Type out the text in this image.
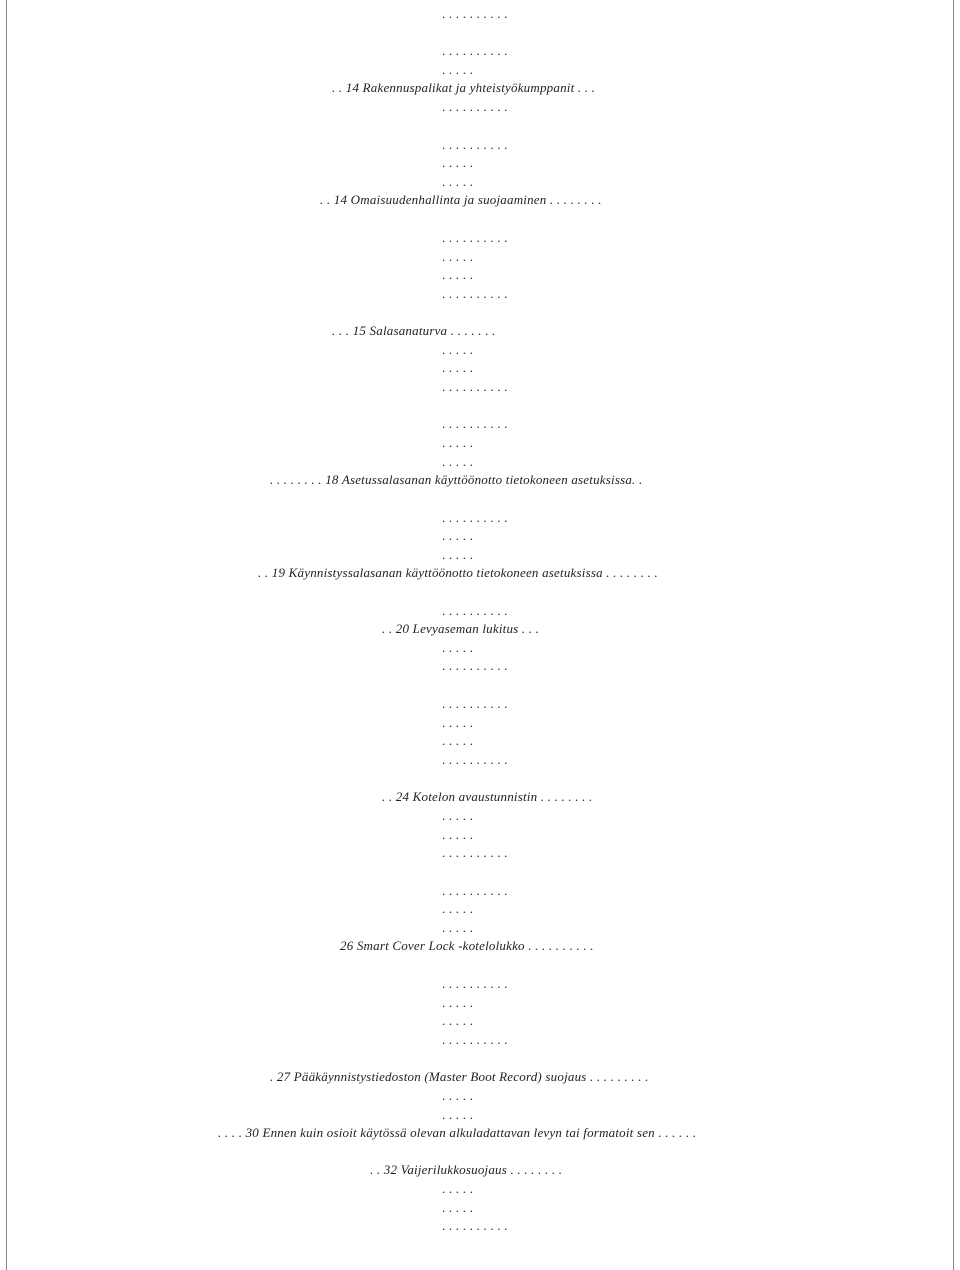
. . . . . . . . . .
. . . . . . . . . .
. . . . .
. . 14 Rakennuspalikat ja yhteistyökumppanit . . .
. . . . . . . . . .
. . . . . . . . . .
. . . . .
. . . . .
. . 14 Omaisuudenhallinta ja suojaaminen . . . . . . . .
. . . . . . . . . .
. . . . .
. . . . .
. . . . . . . . . .
. . . 15 Salasanaturva . . . . . . .
. . . . .
. . . . .
. . . . . . . . . .
. . . . . . . . . .
. . . . .
. . . . .
. . . . . . . . 18 Asetussalasanan käyttöönotto tietokoneen asetuksissa. .
. . . . . . . . . .
. . . . .
. . . . .
. . 19 Käynnistyssalasanan käyttöönotto tietokoneen asetuksissa . . . . . . . .
. . . . . . . . . .
. . 20 Levyaseman lukitus . . .
. . . . .
. . . . . . . . . .
. . . . . . . . . .
. . . . .
. . . . .
. . . . . . . . . .
. . 24 Kotelon avaustunnistin . . . . . . . .
. . . . .
. . . . .
. . . . . . . . . .
. . . . . . . . . .
. . . . .
. . . . .
26 Smart Cover Lock -kotelolukko . . . . . . . . . .
. . . . . . . . . .
. . . . .
. . . . .
. . . . . . . . . .
. 27 Pääkäynnistystiedoston (Master Boot Record) suojaus . . . . . . . . .
. . . . .
. . . . .
. . . . 30 Ennen kuin osioit käytössä olevan alkuladattavan levyn tai formatoit sen . . . . . .
. . 32 Vaijerilukkosuojaus . . . . . . . .
. . . . .
. . . . .
. . . . . . . . . .
